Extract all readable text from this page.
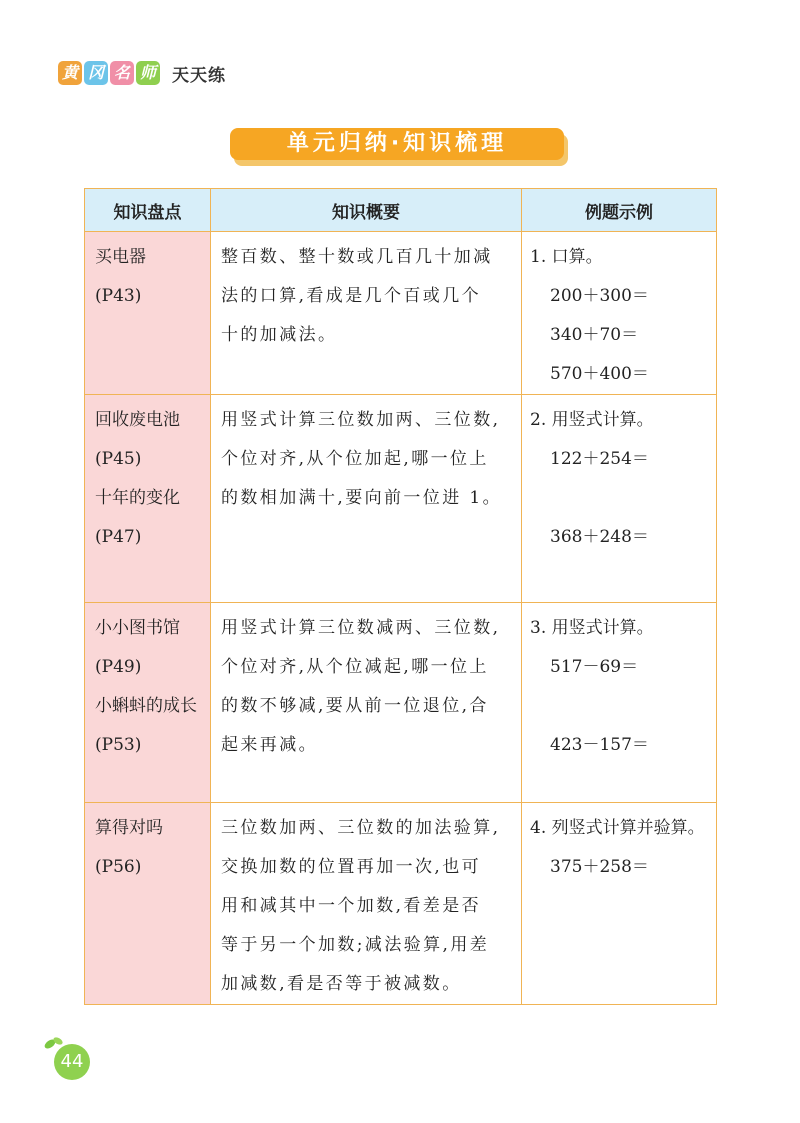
黄 冈 名 师 天天练
单元归纳·知识梳理
知识盘点	知识概要	例题示例

买电器
(P43)	整百数、整十数或几百几十加减
法的口算,看成是几个百或几个
十的加减法。	1. 口算。
200＋300＝
340＋70＝
570＋400＝

回收废电池
(P45)
十年的变化
(P47)	用竖式计算三位数加两、三位数,
个位对齐,从个位加起,哪一位上
的数相加满十,要向前一位进 1。	2. 用竖式计算。
122＋254＝
368＋248＝

小小图书馆
(P49)
小蝌蚪的成长
(P53)	用竖式计算三位数减两、三位数,
个位对齐,从个位减起,哪一位上
的数不够减,要从前一位退位,合
起来再减。	3. 用竖式计算。
517－69＝
423－157＝

算得对吗
(P56)	三位数加两、三位数的加法验算,
交换加数的位置再加一次,也可
用和减其中一个加数,看差是否
等于另一个加数;减法验算,用差
加减数,看是否等于被减数。	4. 列竖式计算并验算。
375＋258＝
44
